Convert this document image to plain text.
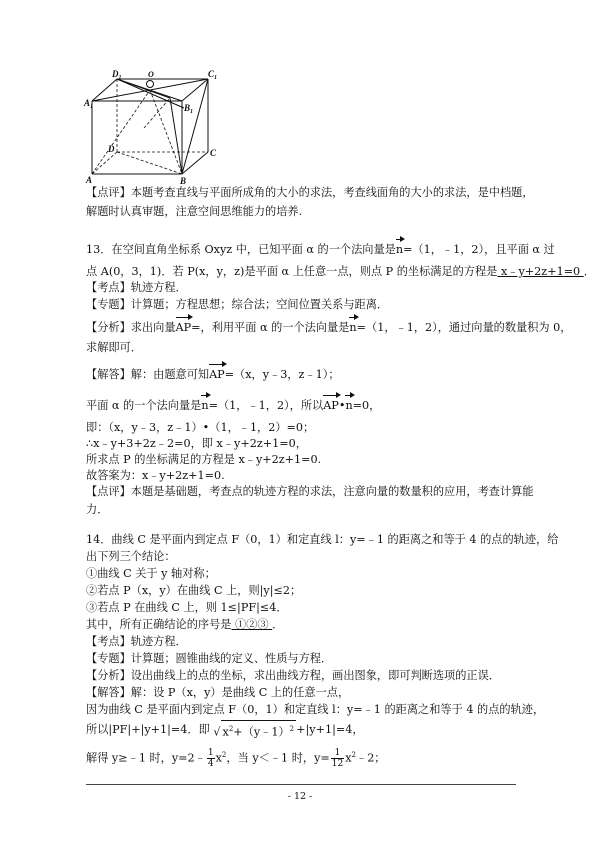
$D_1$	$C_1$
$A_1$	$B_1$
O
D	C
A	B
【点评】本题考查直线与平面所成角的大小的求法，考查线面角的大小的求法，是中档题，
解题时认真审题，注意空间思维能力的培养.
13．在空间直角坐标系 Oxyz 中，已知平面 α 的一个法向量是n=（1，﹣1，2），且平面 α 过
点 A(0，3，1)．若 P(x，y，z)是平面 α 上任意一点，则点 P 的坐标满足的方程是 x﹣y+2z+1=0 ．
【考点】轨迹方程．
【专题】计算题；方程思想；综合法；空间位置关系与距离．
【分析】求出向量AP=，利用平面 α 的一个法向量是n=（1，﹣1，2），通过向量的数量积为 0，
求解即可．
【解答】解：由题意可知AP=（x，y﹣3，z﹣1）；
平面 α 的一个法向量是n=（1，﹣1，2），所以AP•n=0，
即：（x，y﹣3，z﹣1）•（1，﹣1，2）=0；
∴x﹣y+3+2z﹣2=0，即 x﹣y+2z+1=0，
所求点 P 的坐标满足的方程是 x﹣y+2z+1=0.
故答案为：x﹣y+2z+1=0.
【点评】本题是基础题，考查点的轨迹方程的求法，注意向量的数量积的应用，考查计算能
力．
14．曲线 C 是平面内到定点 F（0，1）和定直线 l：y=﹣1 的距离之和等于 4 的点的轨迹，给
出下列三个结论：
①曲线 C 关于 y 轴对称；
②若点 P（x，y）在曲线 C 上，则|y|≤2；
③若点 P 在曲线 C 上，则 1≤|PF|≤4．
其中，所有正确结论的序号是 ①②③ ．
【考点】轨迹方程．
【专题】计算题；圆锥曲线的定义、性质与方程．
【分析】设出曲线上的点的坐标，求出曲线方程，画出图象，即可判断选项的正误．
【解答】解：设 P（x，y）是曲线 C 上的任意一点，
因为曲线 C 是平面内到定点 F（0，1）和定直线 l：y=﹣1 的距离之和等于 4 的点的轨迹，
所以|PF|+|y+1|=4．即 √ $x^2+(y﹣1)^2 +|y+1|=4$，
解得 y≥﹣1 时，y=2﹣ $\frac{1}{4} x^2$，当 y＜﹣1 时，$y= \frac{1}{12}$ $x^2﹣2$；
- 12 -
